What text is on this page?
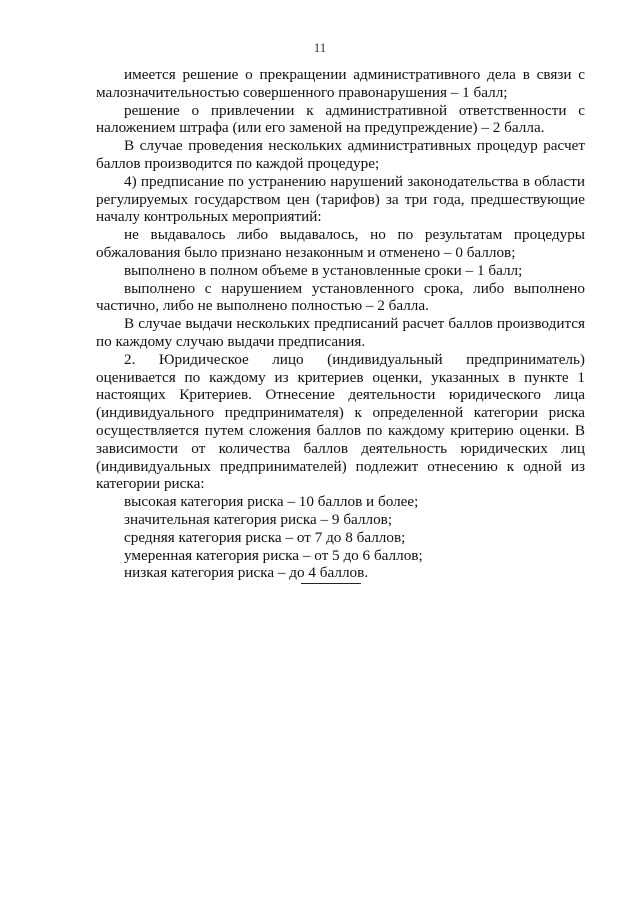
11

имеется решение о прекращении административного дела в связи с малозначительностью совершенного правонарушения – 1 балл;

решение о привлечении к административной ответственности с наложением штрафа (или его заменой на предупреждение) – 2 балла.

В случае проведения нескольких административных процедур расчет баллов производится по каждой процедуре;

4) предписание по устранению нарушений законодательства в области регулируемых государством цен (тарифов) за три года, предшествующие началу контрольных мероприятий:

не выдавалось либо выдавалось, но по результатам процедуры обжалования было признано незаконным и отменено – 0 баллов;

выполнено в полном объеме в установленные сроки – 1 балл;

выполнено с нарушением установленного срока, либо выполнено частично, либо не выполнено полностью – 2 балла.

В случае выдачи нескольких предписаний расчет баллов производится по каждому случаю выдачи предписания.

2. Юридическое лицо (индивидуальный предприниматель) оценивается по каждому из критериев оценки, указанных в пункте 1 настоящих Критериев. Отнесение деятельности юридического лица (индивидуального предпринимателя) к определенной категории риска осуществляется путем сложения баллов по каждому критерию оценки. В зависимости от количества баллов деятельность юридических лиц (индивидуальных предпринимателей) подлежит отнесению к одной из категории риска:

высокая категория риска – 10 баллов и более;

значительная категория риска – 9 баллов;

средняя категория риска – от 7 до 8 баллов;

умеренная категория риска – от 5 до 6 баллов;

низкая категория риска – до 4 баллов.
